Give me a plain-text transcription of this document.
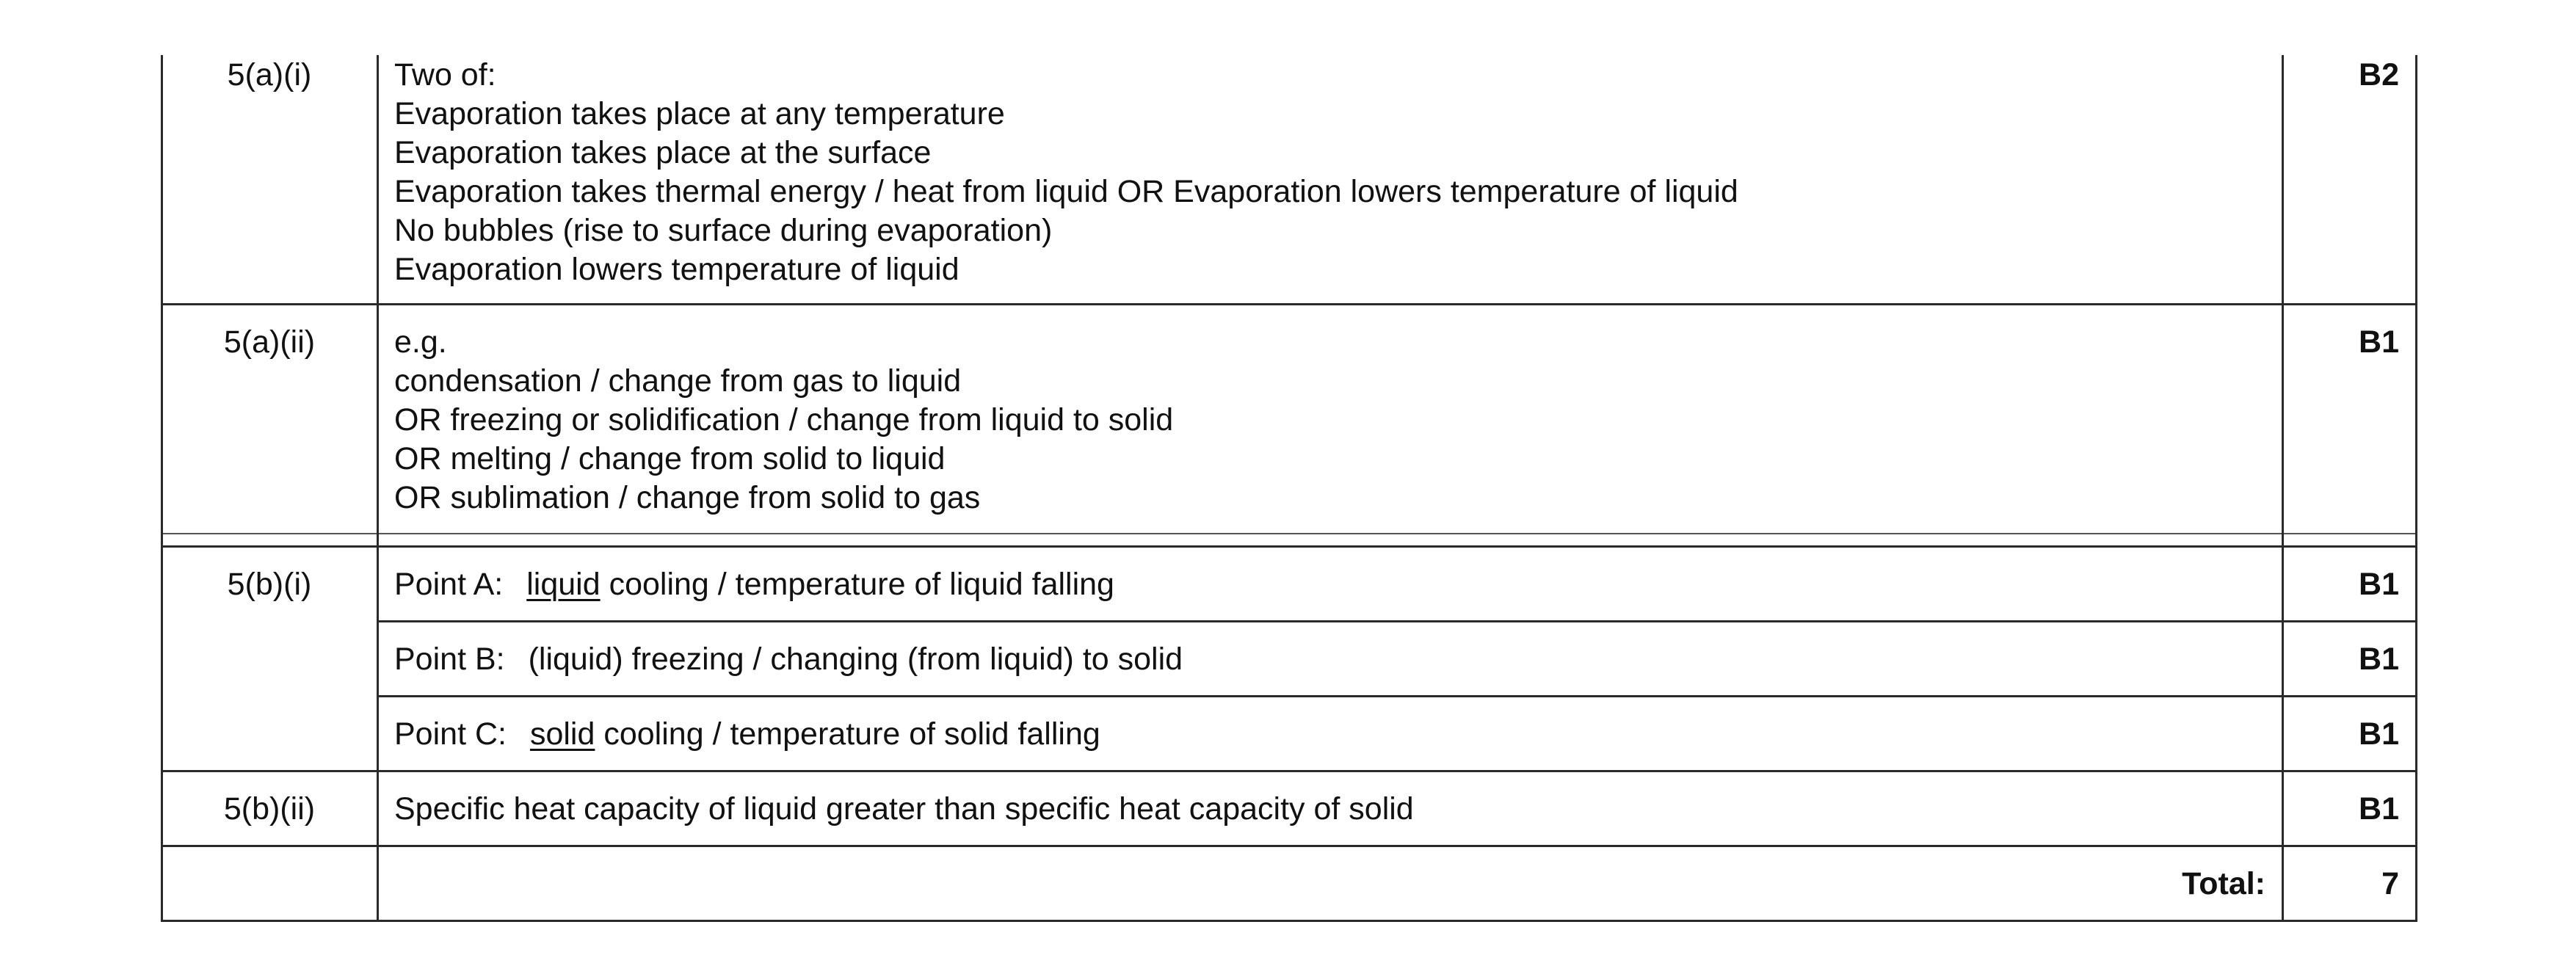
5(a)(i)	Two of:
Evaporation takes place at any temperature
Evaporation takes place at the surface
Evaporation takes thermal energy / heat from liquid OR Evaporation lowers temperature of liquid
No bubbles (rise to surface during evaporation)
Evaporation lowers temperature of liquid
B2
5(a)(ii)	e.g.
condensation / change from gas to liquid
OR freezing or solidification / change from liquid to solid
OR melting / change from solid to liquid
OR sublimation / change from solid to gas
B1
5(b)(i)	Point A: liquid cooling / temperature of liquid falling	B1
Point B: (liquid) freezing / changing (from liquid) to solid	B1
Point C: solid cooling / temperature of solid falling	B1
5(b)(ii)	Specific heat capacity of liquid greater than specific heat capacity of solid	B1
Total:	7
